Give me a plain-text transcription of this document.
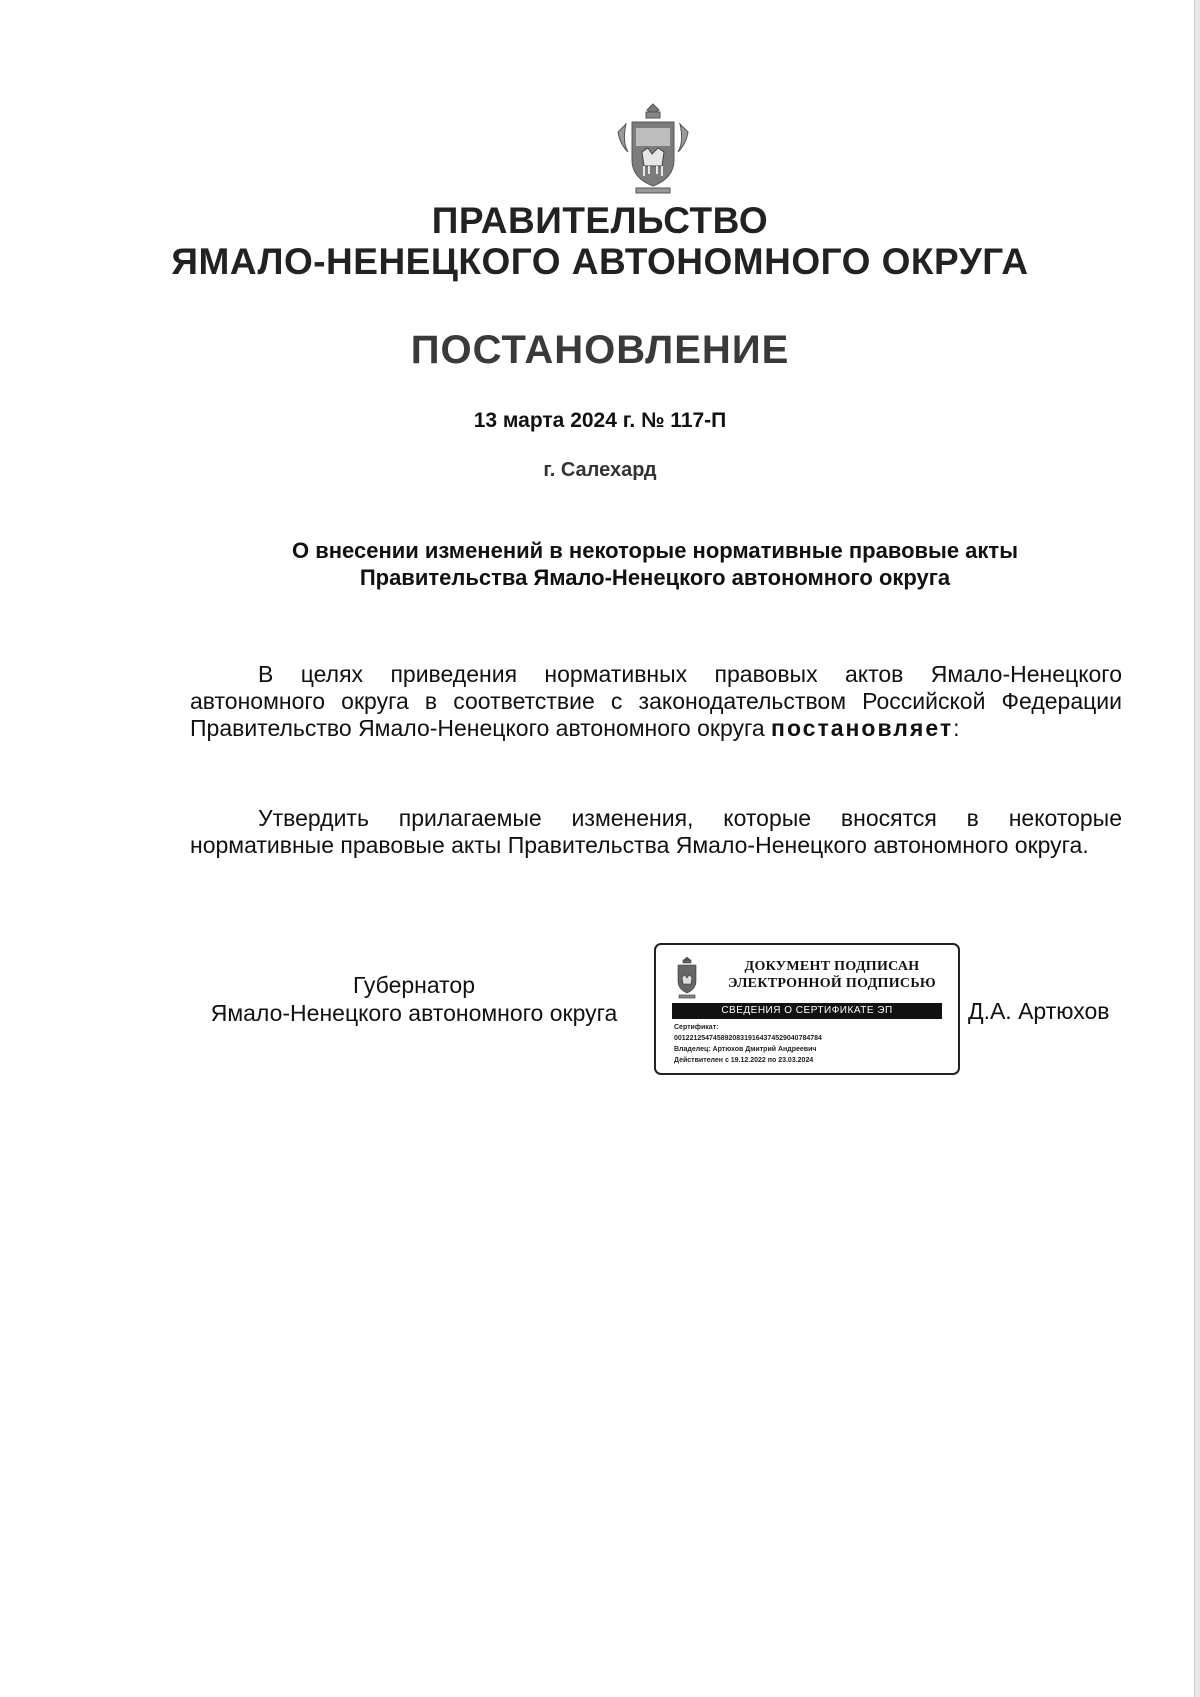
ПРАВИТЕЛЬСТВО
ЯМАЛО-НЕНЕЦКОГО АВТОНОМНОГО ОКРУГА
ПОСТАНОВЛЕНИЕ
13 марта 2024 г. № 117-П
г. Салехард
О внесении изменений в некоторые нормативные правовые акты
Правительства Ямало-Ненецкого автономного округа
В целях приведения нормативных правовых актов Ямало-Ненецкого автономного округа в соответствие с законодательством Российской Федерации Правительство Ямало-Ненецкого автономного округа постановляет:
Утвердить прилагаемые изменения, которые вносятся в некоторые нормативные правовые акты Правительства Ямало-Ненецкого автономного округа.
Губернатор
Ямало-Ненецкого автономного округа
ДОКУМЕНТ ПОДПИСАН
ЭЛЕКТРОННОЙ ПОДПИСЬЮ
СВЕДЕНИЯ О СЕРТИФИКАТЕ ЭП
Сертификат:
00122125474589208319164374529040784784
Владелец: Артюхов Дмитрий Андреевич
Действителен с 19.12.2022 по 23.03.2024
Д.А. Артюхов
